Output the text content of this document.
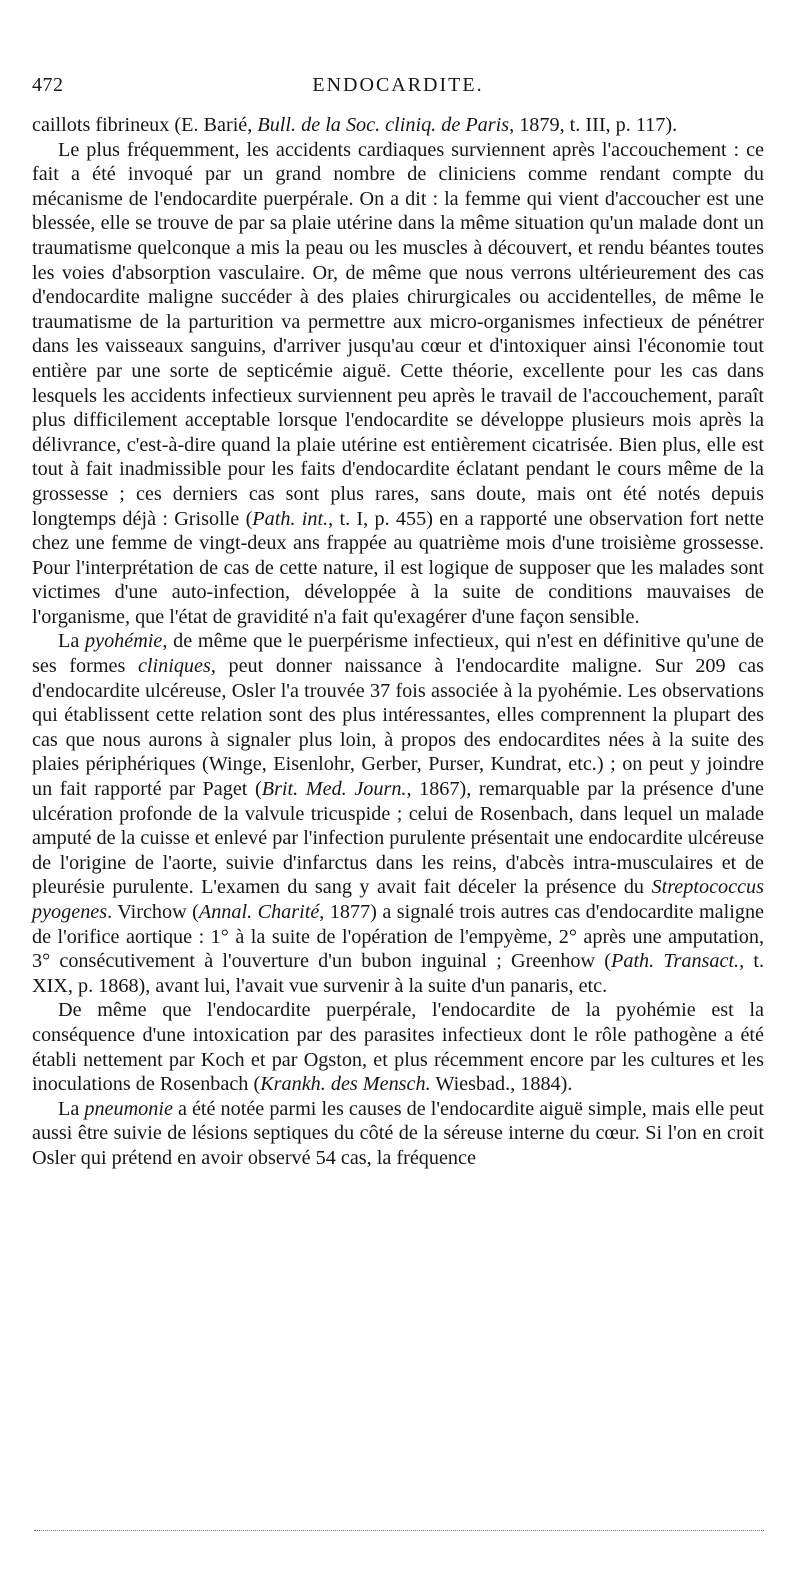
472	ENDOCARDITE.

caillots fibrineux (E. Barié, Bull. de la Soc. cliniq. de Paris, 1879, t. III, p. 117).

Le plus fréquemment, les accidents cardiaques surviennent après l'accouchement : ce fait a été invoqué par un grand nombre de cliniciens comme rendant compte du mécanisme de l'endocardite puerpérale. On a dit : la femme qui vient d'accoucher est une blessée, elle se trouve de par sa plaie utérine dans la même situation qu'un malade dont un traumatisme quelconque a mis la peau ou les muscles à découvert, et rendu béantes toutes les voies d'absorption vasculaire. Or, de même que nous verrons ultérieurement des cas d'endocardite maligne succéder à des plaies chirurgicales ou accidentelles, de même le traumatisme de la parturition va permettre aux micro-organismes infectieux de pénétrer dans les vaisseaux sanguins, d'arriver jusqu'au cœur et d'intoxiquer ainsi l'économie tout entière par une sorte de septicémie aiguë. Cette théorie, excellente pour les cas dans lesquels les accidents infectieux surviennent peu après le travail de l'accouchement, paraît plus difficilement acceptable lorsque l'endocardite se développe plusieurs mois après la délivrance, c'est-à-dire quand la plaie utérine est entièrement cicatrisée. Bien plus, elle est tout à fait inadmissible pour les faits d'endocardite éclatant pendant le cours même de la grossesse ; ces derniers cas sont plus rares, sans doute, mais ont été notés depuis longtemps déjà : Grisolle (Path. int., t. I, p. 455) en a rapporté une observation fort nette chez une femme de vingt-deux ans frappée au quatrième mois d'une troisième grossesse. Pour l'interprétation de cas de cette nature, il est logique de supposer que les malades sont victimes d'une auto-infection, développée à la suite de conditions mauvaises de l'organisme, que l'état de gravidité n'a fait qu'exagérer d'une façon sensible.

La pyohémie, de même que le puerpérisme infectieux, qui n'est en définitive qu'une de ses formes cliniques, peut donner naissance à l'endocardite maligne. Sur 209 cas d'endocardite ulcéreuse, Osler l'a trouvée 37 fois associée à la pyohémie. Les observations qui établissent cette relation sont des plus intéressantes, elles comprennent la plupart des cas que nous aurons à signaler plus loin, à propos des endocardites nées à la suite des plaies périphériques (Winge, Eisenlohr, Gerber, Purser, Kundrat, etc.) ; on peut y joindre un fait rapporté par Paget (Brit. Med. Journ., 1867), remarquable par la présence d'une ulcération profonde de la valvule tricuspide ; celui de Rosenbach, dans lequel un malade amputé de la cuisse et enlevé par l'infection purulente présentait une endocardite ulcéreuse de l'origine de l'aorte, suivie d'infarctus dans les reins, d'abcès intra-musculaires et de pleurésie purulente. L'examen du sang y avait fait déceler la présence du Streptococcus pyogenes. Virchow (Annal. Charité, 1877) a signalé trois autres cas d'endocardite maligne de l'orifice aortique : 1° à la suite de l'opération de l'empyème, 2° après une amputation, 3° consécutivement à l'ouverture d'un bubon inguinal ; Greenhow (Path. Transact., t. XIX, p. 1868), avant lui, l'avait vue survenir à la suite d'un panaris, etc.

De même que l'endocardite puerpérale, l'endocardite de la pyohémie est la conséquence d'une intoxication par des parasites infectieux dont le rôle pathogène a été établi nettement par Koch et par Ogston, et plus récemment encore par les cultures et les inoculations de Rosenbach (Krankh. des Mensch. Wiesbad., 1884).

La pneumonie a été notée parmi les causes de l'endocardite aiguë simple, mais elle peut aussi être suivie de lésions septiques du côté de la séreuse interne du cœur. Si l'on en croit Osler qui prétend en avoir observé 54 cas, la fréquence
